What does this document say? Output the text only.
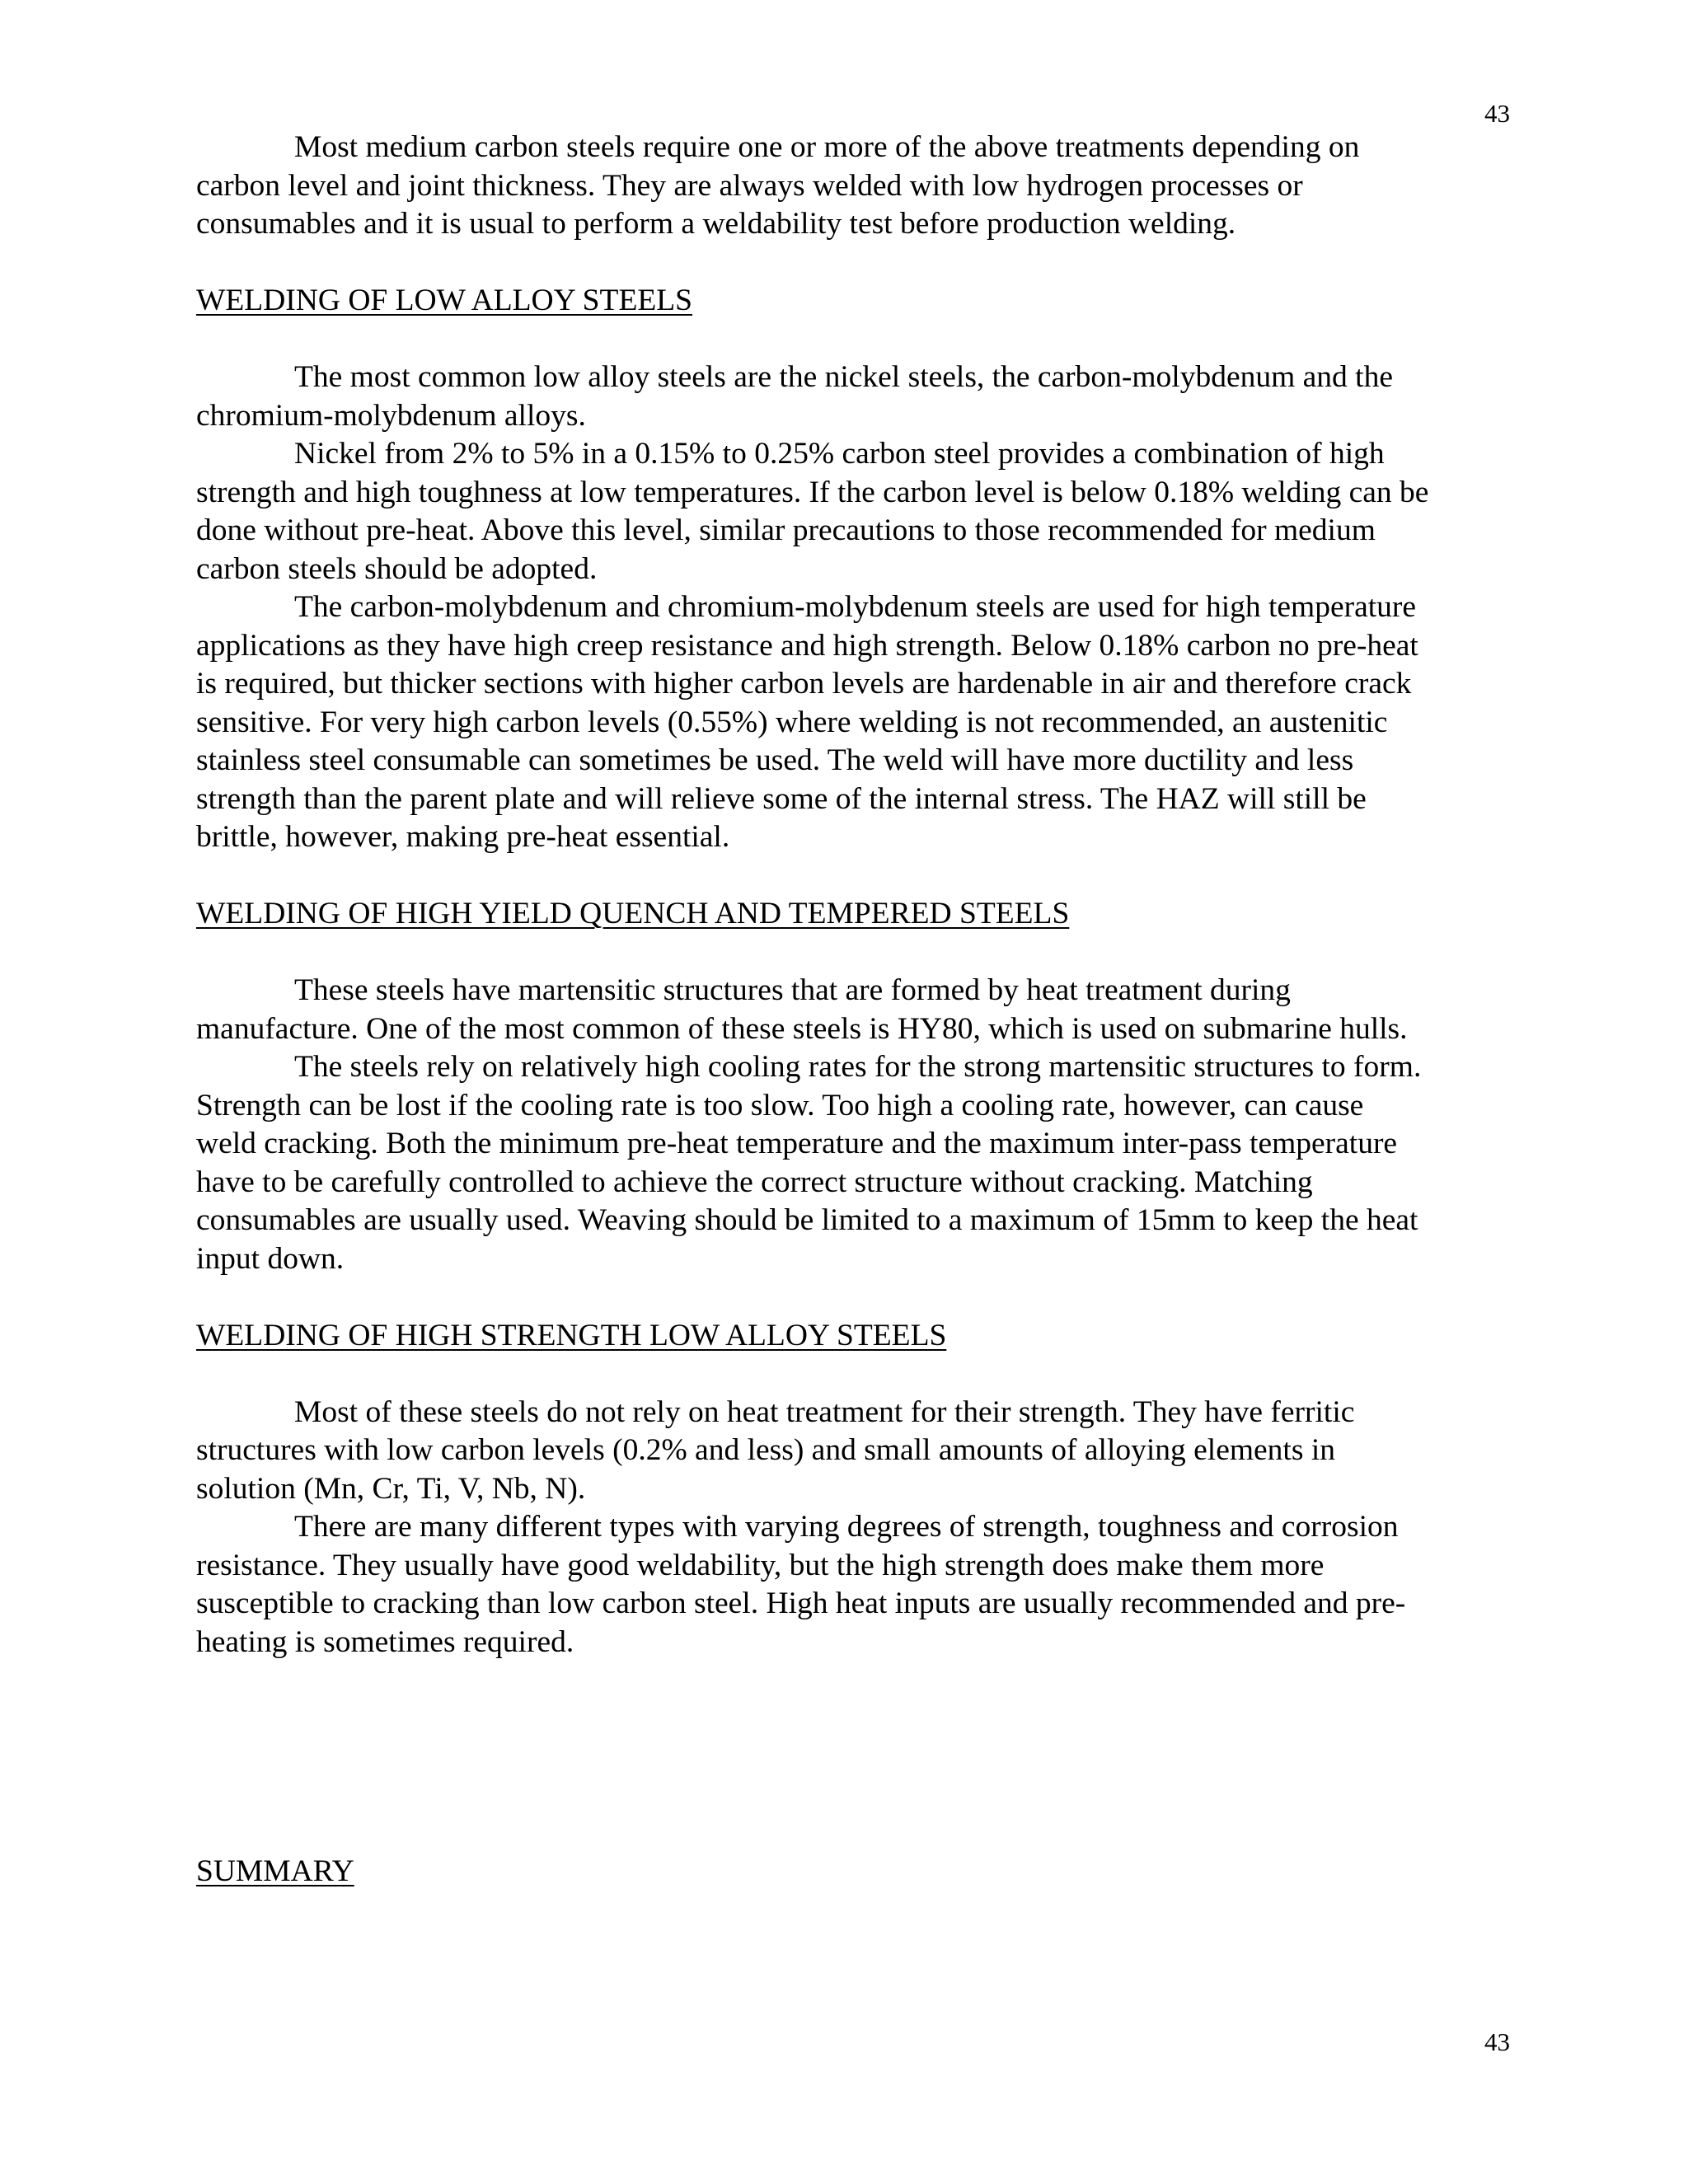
43

Most medium carbon steels require one or more of the above treatments depending on
carbon level and joint thickness. They are always welded with low hydrogen processes or
consumables and it is usual to perform a weldability test before production welding.

WELDING OF LOW ALLOY STEELS

The most common low alloy steels are the nickel steels, the carbon-molybdenum and the
chromium-molybdenum alloys.

Nickel from 2% to 5% in a 0.15% to 0.25% carbon steel provides a combination of high
strength and high toughness at low temperatures. If the carbon level is below 0.18% welding can be
done without pre-heat. Above this level, similar precautions to those recommended for medium
carbon steels should be adopted.

The carbon-molybdenum and chromium-molybdenum steels are used for high temperature
applications as they have high creep resistance and high strength. Below 0.18% carbon no pre-heat
is required, but thicker sections with higher carbon levels are hardenable in air and therefore crack
sensitive. For very high carbon levels (0.55%) where welding is not recommended, an austenitic
stainless steel consumable can sometimes be used. The weld will have more ductility and less
strength than the parent plate and will relieve some of the internal stress. The HAZ will still be
brittle, however, making pre-heat essential.

WELDING OF HIGH YIELD QUENCH AND TEMPERED STEELS

These steels have martensitic structures that are formed by heat treatment during
manufacture. One of the most common of these steels is HY80, which is used on submarine hulls.

The steels rely on relatively high cooling rates for the strong martensitic structures to form.
Strength can be lost if the cooling rate is too slow. Too high a cooling rate, however, can cause
weld cracking. Both the minimum pre-heat temperature and the maximum inter-pass temperature
have to be carefully controlled to achieve the correct structure without cracking. Matching
consumables are usually used. Weaving should be limited to a maximum of 15mm to keep the heat
input down.

WELDING OF HIGH STRENGTH LOW ALLOY STEELS

Most of these steels do not rely on heat treatment for their strength. They have ferritic
structures with low carbon levels (0.2% and less) and small amounts of alloying elements in
solution (Mn, Cr, Ti, V, Nb, N).

There are many different types with varying degrees of strength, toughness and corrosion
resistance. They usually have good weldability, but the high strength does make them more
susceptible to cracking than low carbon steel. High heat inputs are usually recommended and pre-
heating is sometimes required.

SUMMARY

43
